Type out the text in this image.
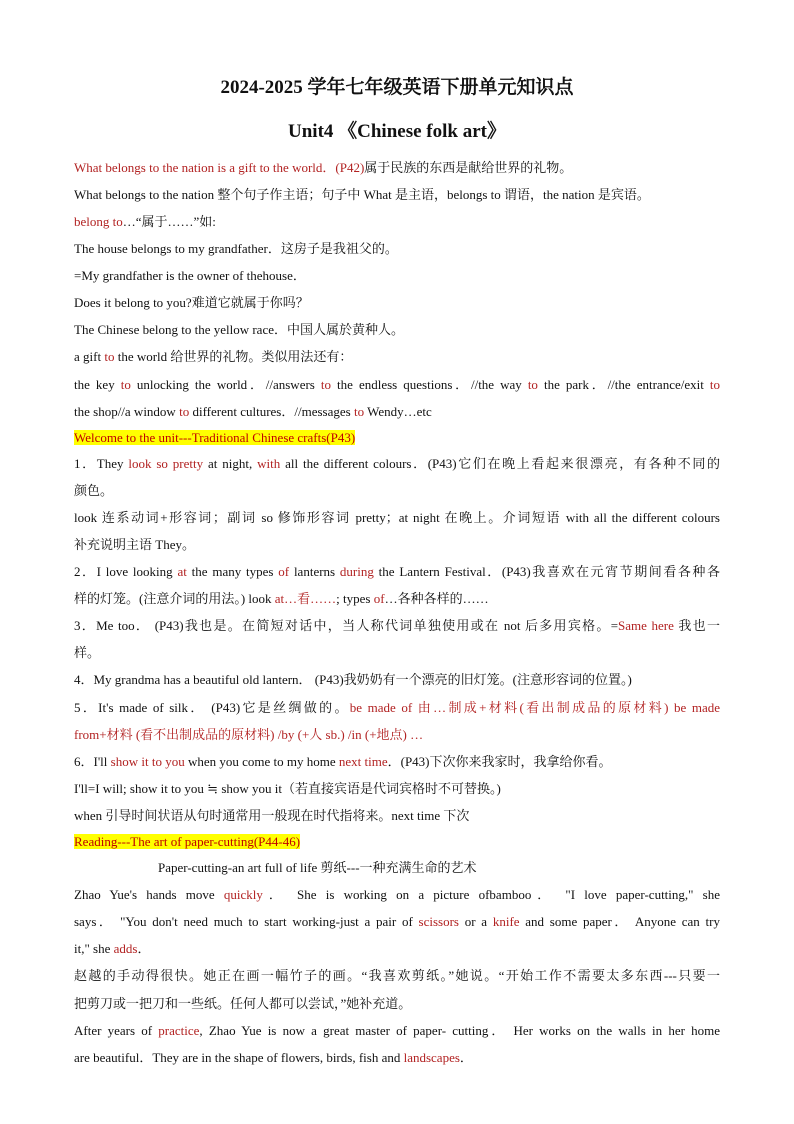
2024-2025 学年七年级英语下册单元知识点
Unit4 《Chinese folk art》
What belongs to the nation is a gift to the world．(P42)属于民族的东西是献给世界的礼物。
What belongs to the nation 整个句子作主语；句子中 What 是主语，belongs to 谓语，the nation 是宾语。
belong to…“属于……”如:
The house belongs to my grandfather．这房子是我祖父的。
=My grandfather is the owner of thehouse．
Does it belong to you?难道它就属于你吗？
The Chinese belong to the yellow race．中国人属於黄种人。
a gift to the world 给世界的礼物。类似用法还有：
the key to unlocking the world．//answers to the endless questions．//the way to the park．//the entrance/exit to
the shop//a window to different cultures．//messages to Wendy…etc
Welcome to the unit---Traditional Chinese crafts(P43)
1．They look so pretty at night, with all the different colours．(P43)它们在晚上看起来很漂亮，有各种不同的
颜色。
look 连系动词+形容词；副词 so 修饰形容词 pretty；at night 在晚上。介词短语 with all the different colours
补充说明主语 They。
2．I love looking at the many types of lanterns during the Lantern Festival．(P43)我喜欢在元宵节期间看各种各
样的灯笼。(注意介词的用法。) look at…看……; types of…各种各样的……
3．Me too． (P43)我也是。在简短对话中，当人称代词单独使用或在 not 后多用宾格。=Same here 我也一
样。
4．My grandma has a beautiful old lantern． (P43)我奶奶有一个漂亮的旧灯笼。(注意形容词的位置。)
5．It's made of silk． (P43)它是丝绸做的。be made of 由…制成+材料(看出制成品的原材料) be made
from+材料 (看不出制成品的原材料) /by (+人 sb.) /in (+地点) …
6．I'll show it to you when you come to my home next time．(P43)下次你来我家时，我拿给你看。
I'll=I will; show it to you ≒ show you it（若直接宾语是代词宾格时不可替换。)
when 引导时间状语从句时通常用一般现在时代指将来。next time 下次
Reading---The art of paper-cutting(P44-46)
Paper-cutting-an art full of life 剪纸---一种充满生命的艺术
Zhao Yue's hands move quickly． She is working on a picture ofbamboo． "I love paper-cutting," she
says． "You don't need much to start working-just a pair of scissors or a knife and some paper． Anyone can try
it," she adds．
赵越的手动得很快。她正在画一幅竹子的画。“我喜欢剪纸。”她说。“开始工作不需要太多东西---只要一
把剪刀或一把刀和一些纸。任何人都可以尝试，”她补充道。
After years of practice, Zhao Yue is now a great master of paper- cutting． Her works on the walls in her home
are beautiful．They are in the shape of flowers, birds, fish and landscapes．
